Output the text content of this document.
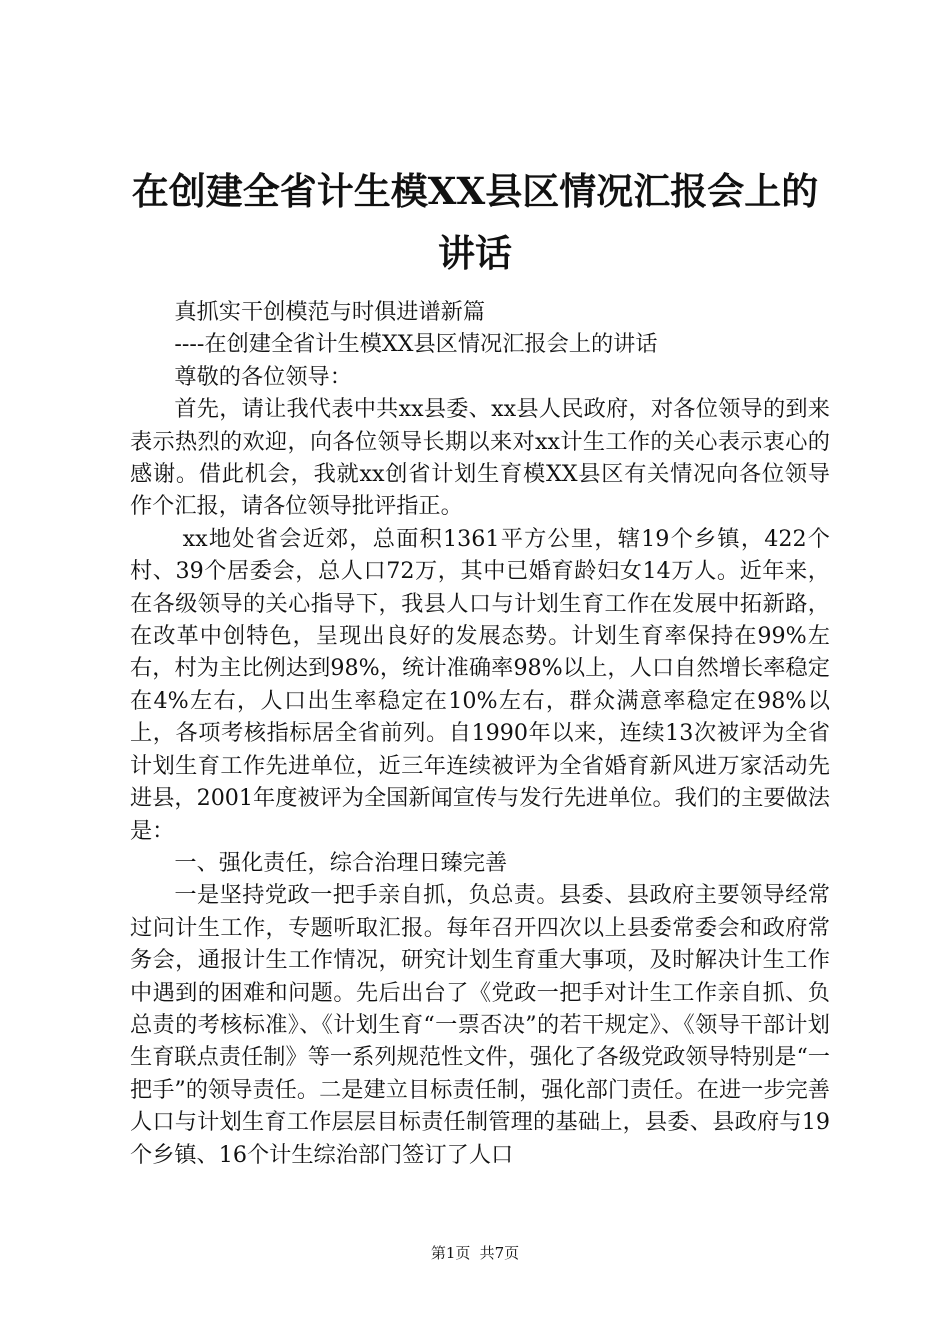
在创建全省计生模XX县区情况汇报会上的讲话

真抓实干创模范与时俱进谱新篇

----在创建全省计生模XX县区情况汇报会上的讲话

尊敬的各位领导：

首先，请让我代表中共xx县委、xx县人民政府，对各位领导的到来表示热烈的欢迎，向各位领导长期以来对xx计生工作的关心表示衷心的感谢。借此机会，我就xx创省计划生育模XX县区有关情况向各位领导作个汇报，请各位领导批评指正。

xx地处省会近郊，总面积1361平方公里，辖19个乡镇，422个村、39个居委会，总人口72万，其中已婚育龄妇女14万人。近年来，在各级领导的关心指导下，我县人口与计划生育工作在发展中拓新路，在改革中创特色，呈现出良好的发展态势。计划生育率保持在99%左右，村为主比例达到98%，统计准确率98%以上，人口自然增长率稳定在4%左右，人口出生率稳定在10%左右，群众满意率稳定在98%以上，各项考核指标居全省前列。自1990年以来，连续13次被评为全省计划生育工作先进单位，近三年连续被评为全省婚育新风进万家活动先进县，2001年度被评为全国新闻宣传与发行先进单位。我们的主要做法是：

一、强化责任，综合治理日臻完善

一是坚持党政一把手亲自抓，负总责。县委、县政府主要领导经常过问计生工作，专题听取汇报。每年召开四次以上县委常委会和政府常务会，通报计生工作情况，研究计划生育重大事项，及时解决计生工作中遇到的困难和问题。先后出台了《党政一把手对计生工作亲自抓、负总责的考核标准》、《计划生育“一票否决”的若干规定》、《领导干部计划生育联点责任制》等一系列规范性文件，强化了各级党政领导特别是“一把手”的领导责任。二是建立目标责任制，强化部门责任。在进一步完善人口与计划生育工作层层目标责任制管理的基础上，县委、县政府与19个乡镇、16个计生综治部门签订了人口

第1页 共7页
